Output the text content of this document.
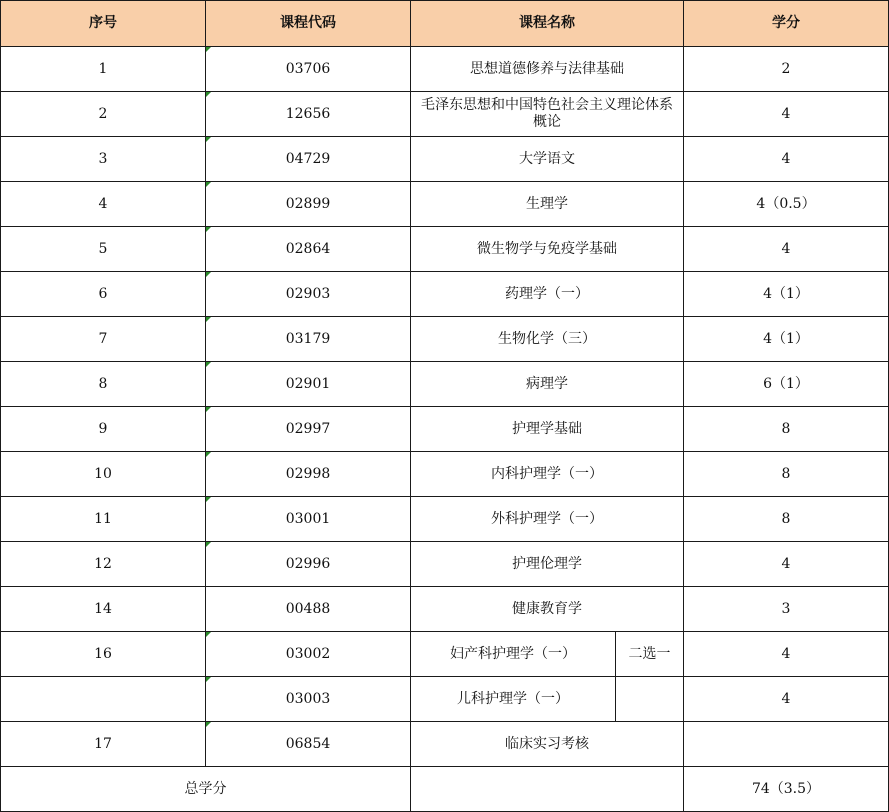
序号	课程代码	课程名称		学分
1	03706	思想道德修养与法律基础		2
2	12656	毛泽东思想和中国特色社会主义理论体系概论		4
3	04729	大学语文		4
4	02899	生理学		4（0.5）
5	02864	微生物学与免疫学基础		4
6	02903	药理学（一）		4（1）
7	03179	生物化学（三）		4（1）
8	02901	病理学		6（1）
9	02997	护理学基础		8
10	02998	内科护理学（一）		8
11	03001	外科护理学（一）		8
12	02996	护理伦理学		4
14	00488	健康教育学		3
16	03002	妇产科护理学（一）	二选一	4
	03003	儿科护理学（一）		4
17	06854	临床实习考核		
总学分				74（3.5）
